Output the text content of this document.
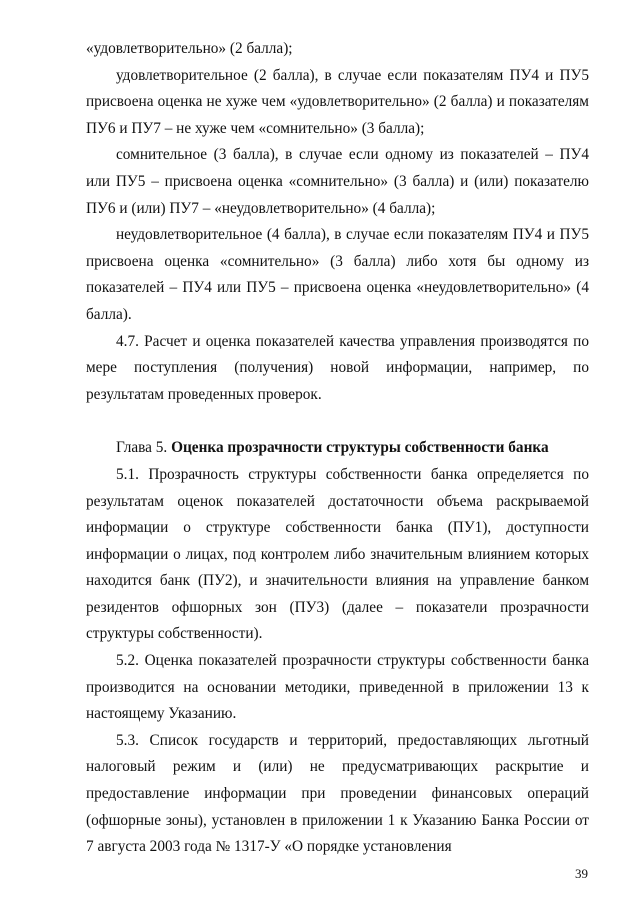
«удовлетворительно» (2 балла);

удовлетворительное (2 балла), в случае если показателям ПУ4 и ПУ5 присвоена оценка не хуже чем «удовлетворительно» (2 балла) и показателям ПУ6 и ПУ7 – не хуже чем «сомнительно» (3 балла);

сомнительное (3 балла), в случае если одному из показателей – ПУ4 или ПУ5 – присвоена оценка «сомнительно» (3 балла) и (или) показателю ПУ6 и (или) ПУ7 – «неудовлетворительно» (4 балла);

неудовлетворительное (4 балла), в случае если показателям ПУ4 и ПУ5 присвоена оценка «сомнительно» (3 балла) либо хотя бы одному из показателей – ПУ4 или ПУ5 – присвоена оценка «неудовлетворительно» (4 балла).

4.7. Расчет и оценка показателей качества управления производятся по мере поступления (получения) новой информации, например, по результатам проведенных проверок.

Глава 5. Оценка прозрачности структуры собственности банка

5.1. Прозрачность структуры собственности банка определяется по результатам оценок показателей достаточности объема раскрываемой информации о структуре собственности банка (ПУ1), доступности информации о лицах, под контролем либо значительным влиянием которых находится банк (ПУ2), и значительности влияния на управление банком резидентов офшорных зон (ПУ3) (далее – показатели прозрачности структуры собственности).

5.2. Оценка показателей прозрачности структуры собственности банка производится на основании методики, приведенной в приложении 13 к настоящему Указанию.

5.3. Список государств и территорий, предоставляющих льготный налоговый режим и (или) не предусматривающих раскрытие и предоставление информации при проведении финансовых операций (офшорные зоны), установлен в приложении 1 к Указанию Банка России от 7 августа 2003 года № 1317-У «О порядке установления

39
